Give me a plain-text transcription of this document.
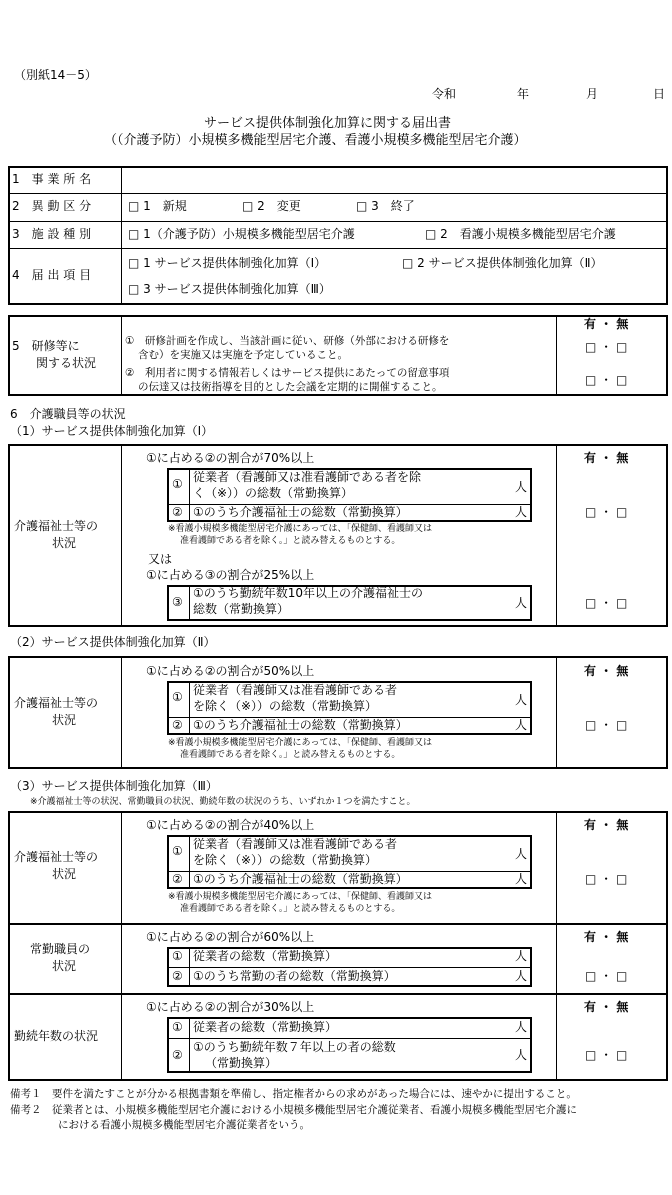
（別紙14－5）
令和	年	月	日
サービス提供体制強化加算に関する届出書
（（介護予防）小規模多機能型居宅介護、看護小規模多機能型居宅介護）
1　事 業 所 名
2　異 動 区 分	□ 1　新規	□ 2　変更	□ 3　終了
3　施 設 種 別	□ 1（介護予防）小規模多機能型居宅介護	□ 2　看護小規模多機能型居宅介護
4　届 出 項 目
□ 1 サービス提供体制強化加算（Ⅰ）	□ 2 サービス提供体制強化加算（Ⅱ）
□ 3 サービス提供体制強化加算（Ⅲ）
5　研修等に
関する状況
①　研修計画を作成し、当該計画に従い、研修（外部における研修を
含む）を実施又は実施を予定していること。
②　利用者に関する情報若しくはサービス提供にあたっての留意事項
の伝達又は技術指導を目的とした会議を定期的に開催すること。
有 ・ 無
□ ・ □
□ ・ □
6　介護職員等の状況
（1）サービス提供体制強化加算（Ⅰ）
介護福祉士等の
状況
①に占める②の割合が70%以上
① 従業者（看護師又は准看護師である者を除
く（※））の総数（常勤換算）	人
② ①のうち介護福祉士の総数（常勤換算）	人
※看護小規模多機能型居宅介護にあっては、「保健師、看護師又は
准看護師である者を除く。」と読み替えるものとする。
又は
①に占める③の割合が25%以上
③
①のうち勤続年数10年以上の介護福祉士の
総数（常勤換算）	人
有 ・ 無
□ ・ □
□ ・ □
（2）サービス提供体制強化加算（Ⅱ）
介護福祉士等の
状況
①に占める②の割合が50%以上
① 従業者（看護師又は准看護師である者
を除く（※））の総数（常勤換算）	人
② ①のうち介護福祉士の総数（常勤換算）	人
※看護小規模多機能型居宅介護にあっては、「保健師、看護師又は
准看護師である者を除く。」と読み替えるものとする。
有 ・ 無
□ ・ □
（3）サービス提供体制強化加算（Ⅲ）
※介護福祉士等の状況、常勤職員の状況、勤続年数の状況のうち、いずれか１つを満たすこと。
介護福祉士等の
状況
①に占める②の割合が40%以上
① 従業者（看護師又は准看護師である者
を除く（※））の総数（常勤換算）	人
② ①のうち介護福祉士の総数（常勤換算）	人
※看護小規模多機能型居宅介護にあっては、「保健師、看護師又は
准看護師である者を除く。」と読み替えるものとする。
有 ・ 無
□ ・ □
常勤職員の
状況
①に占める②の割合が60%以上
① 従業者の総数（常勤換算）	人
② ①のうち常勤の者の総数（常勤換算）	人
有 ・ 無
□ ・ □
勤続年数の状況
①に占める②の割合が30%以上
① 従業者の総数（常勤換算）	人
②
①のうち勤続年数７年以上の者の総数
（常勤換算）
人
有 ・ 無
□ ・ □
備考１　要件を満たすことが分かる根拠書類を準備し、指定権者からの求めがあった場合には、速やかに提出すること。
備考２　従業者とは、小規模多機能型居宅介護における小規模多機能型居宅介護従業者、看護小規模多機能型居宅介護に
における看護小規模多機能型居宅介護従業者をいう。
